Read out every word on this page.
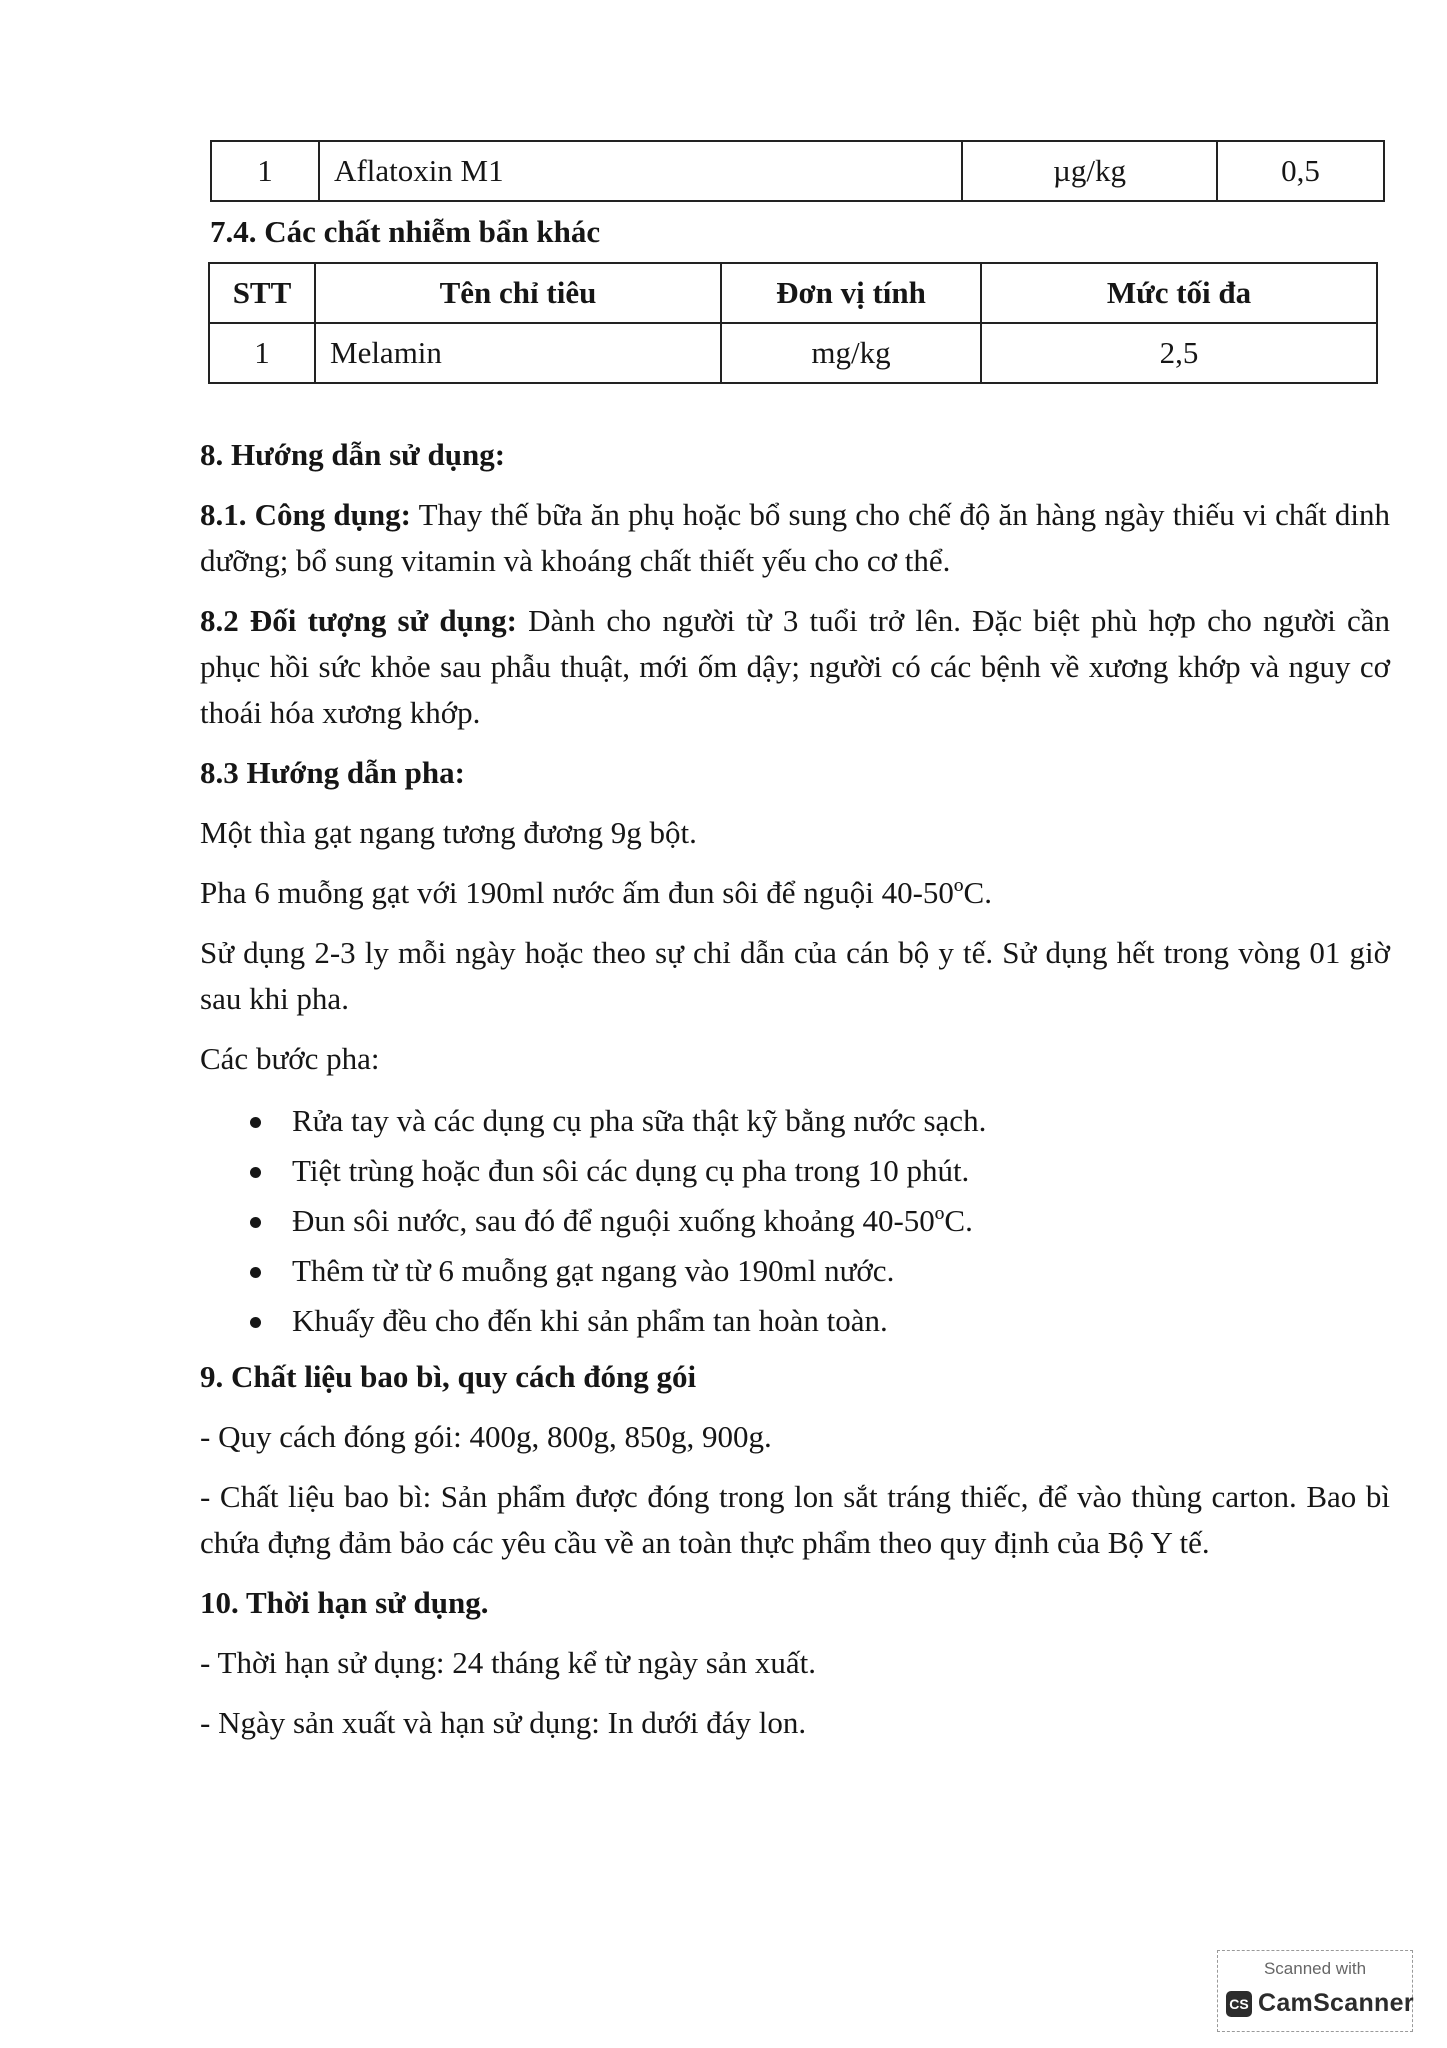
1	Aflatoxin M1	µg/kg	0,5

7.4. Các chất nhiễm bẩn khác

STT	Tên chỉ tiêu	Đơn vị tính	Mức tối đa
1	Melamin	mg/kg	2,5

8. Hướng dẫn sử dụng:

8.1. Công dụng: Thay thế bữa ăn phụ hoặc bổ sung cho chế độ ăn hàng ngày thiếu vi chất dinh dưỡng; bổ sung vitamin và khoáng chất thiết yếu cho cơ thể.

8.2 Đối tượng sử dụng: Dành cho người từ 3 tuổi trở lên. Đặc biệt phù hợp cho người cần phục hồi sức khỏe sau phẫu thuật, mới ốm dậy; người có các bệnh về xương khớp và nguy cơ thoái hóa xương khớp.

8.3 Hướng dẫn pha:

Một thìa gạt ngang tương đương 9g bột.

Pha 6 muỗng gạt với 190ml nước ấm đun sôi để nguội 40-50ºC.

Sử dụng 2-3 ly mỗi ngày hoặc theo sự chỉ dẫn của cán bộ y tế. Sử dụng hết trong vòng 01 giờ sau khi pha.

Các bước pha:

Rửa tay và các dụng cụ pha sữa thật kỹ bằng nước sạch.
Tiệt trùng hoặc đun sôi các dụng cụ pha trong 10 phút.
Đun sôi nước, sau đó để nguội xuống khoảng 40-50ºC.
Thêm từ từ 6 muỗng gạt ngang vào 190ml nước.
Khuấy đều cho đến khi sản phẩm tan hoàn toàn.

9. Chất liệu bao bì, quy cách đóng gói

- Quy cách đóng gói: 400g, 800g, 850g, 900g.

- Chất liệu bao bì: Sản phẩm được đóng trong lon sắt tráng thiếc, để vào thùng carton. Bao bì chứa đựng đảm bảo các yêu cầu về an toàn thực phẩm theo quy định của Bộ Y tế.

10. Thời hạn sử dụng.

- Thời hạn sử dụng: 24 tháng kể từ ngày sản xuất.

- Ngày sản xuất và hạn sử dụng: In dưới đáy lon.

Scanned with
CS CamScanner
